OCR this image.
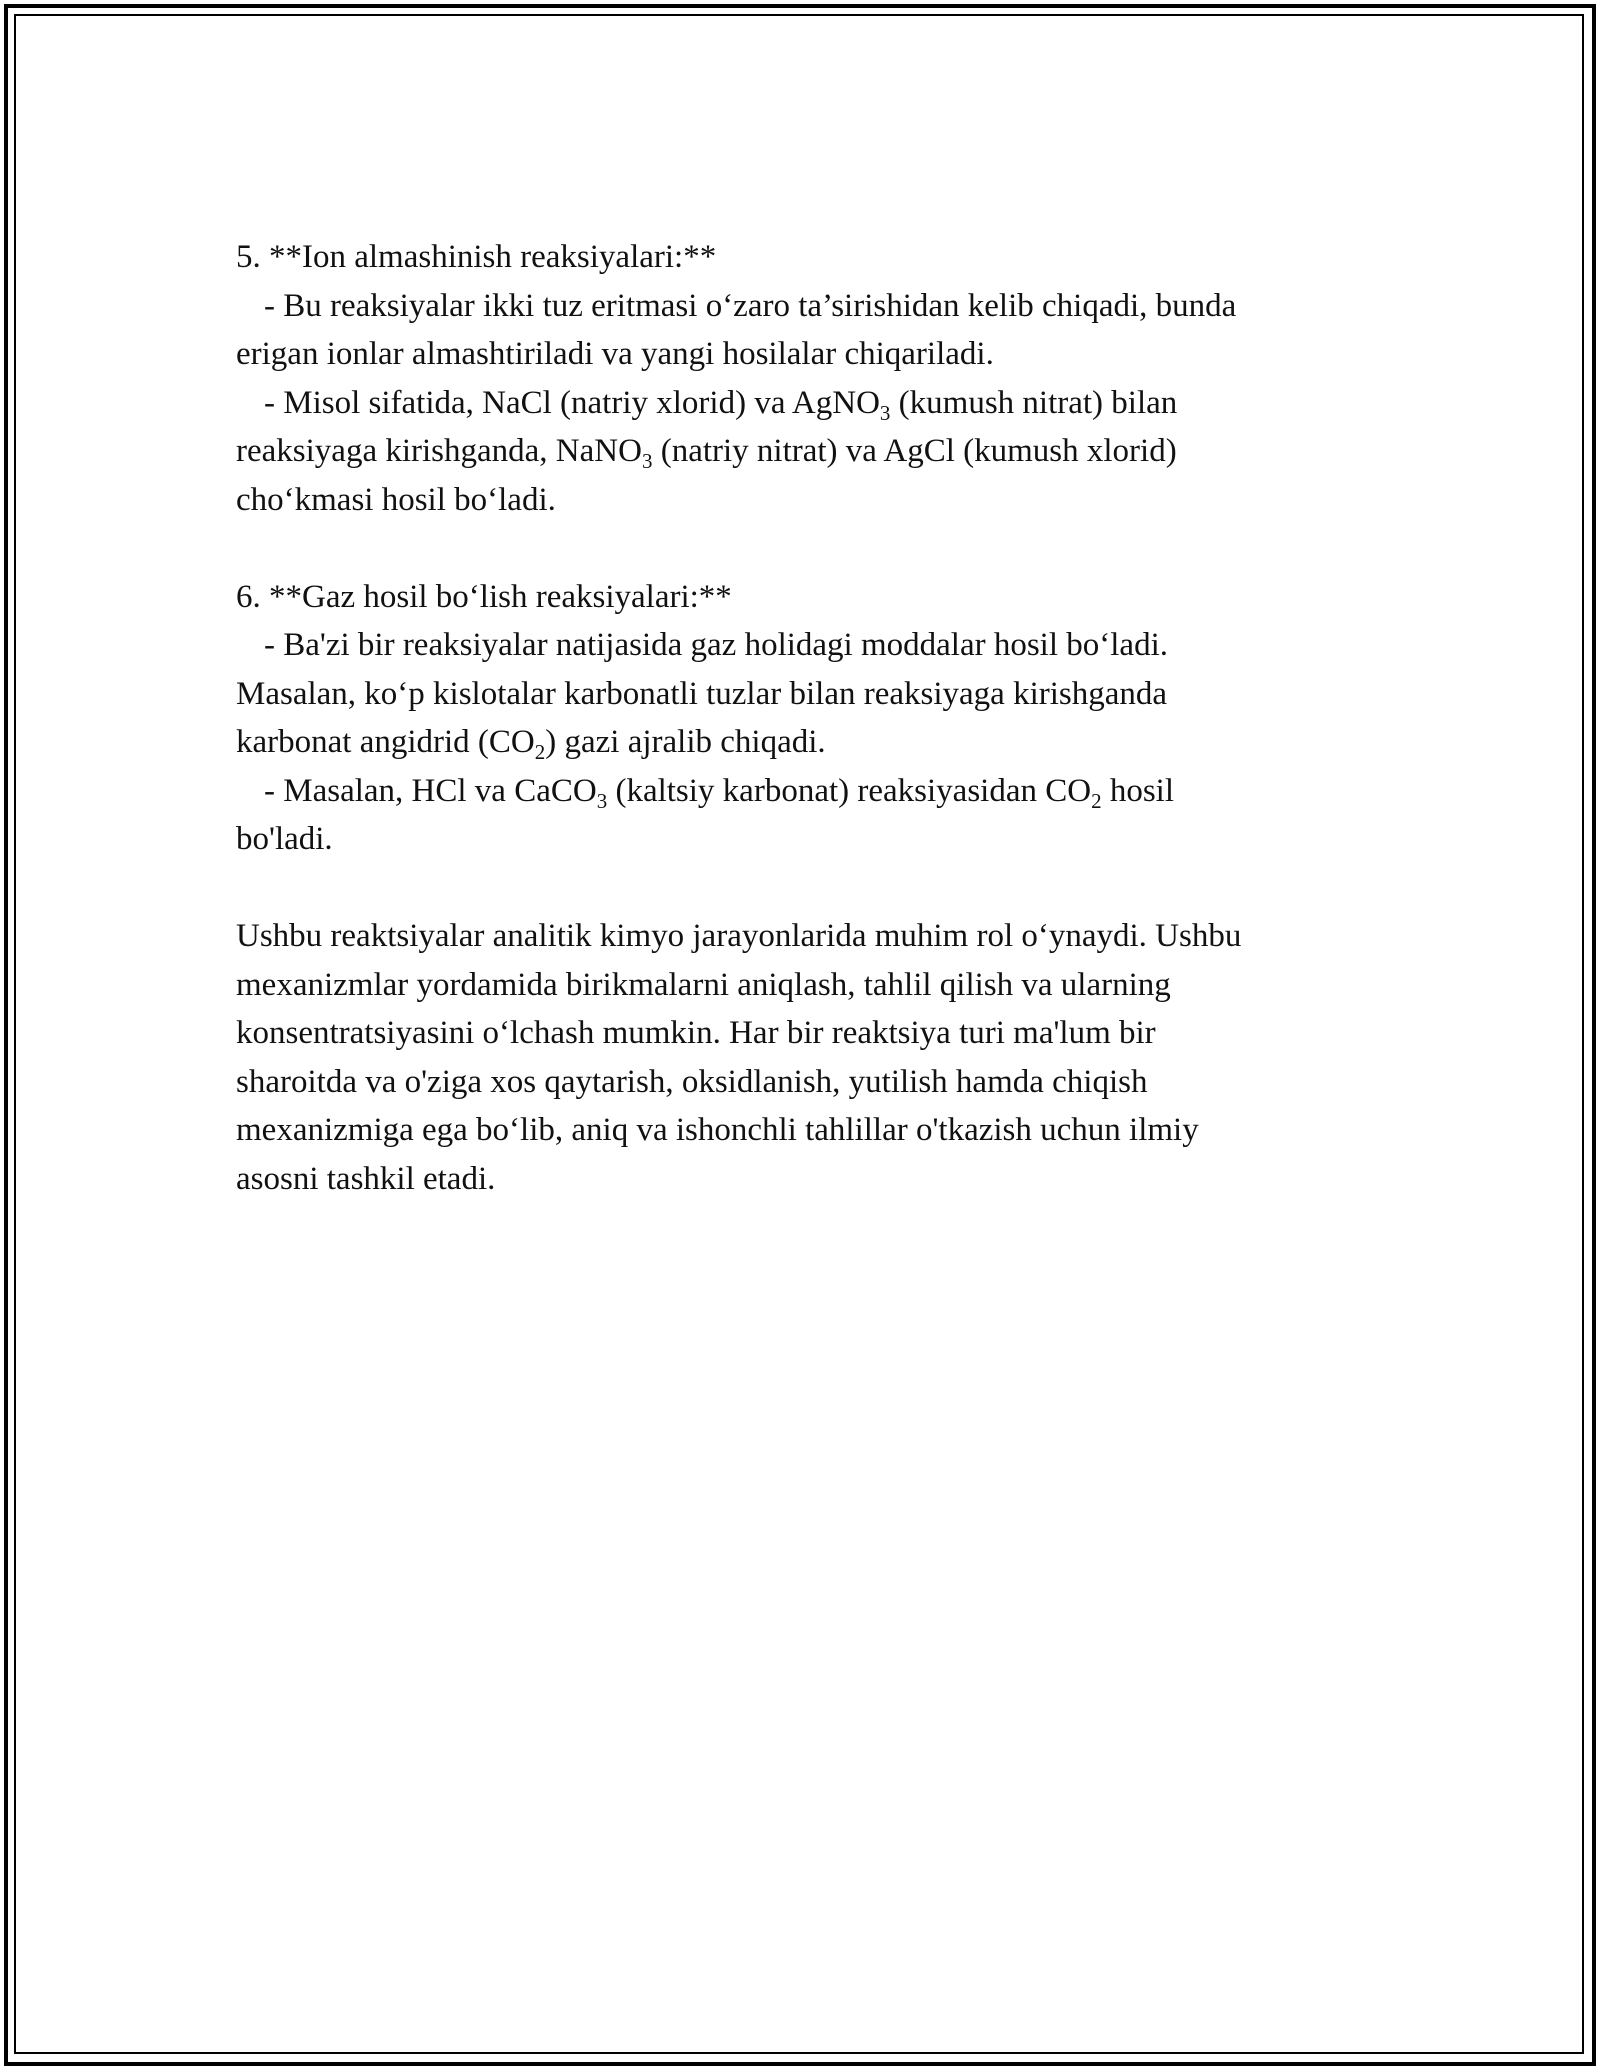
5. **Ion almashinish reaksiyalari:**
- Bu reaksiyalar ikki tuz eritmasi o‘zaro ta’sirishidan kelib chiqadi, bunda
erigan ionlar almashtiriladi va yangi hosilalar chiqariladi.
- Misol sifatida, NaCl (natriy xlorid) va AgNO$_3$ (kumush nitrat) bilan
reaksiyaga kirishganda, NaNO$_3$ (natriy nitrat) va AgCl (kumush xlorid)
cho‘kmasi hosil bo‘ladi.
6. **Gaz hosil bo‘lish reaksiyalari:**
- Ba'zi bir reaksiyalar natijasida gaz holidagi moddalar hosil bo‘ladi.
Masalan, ko‘p kislotalar karbonatli tuzlar bilan reaksiyaga kirishganda
karbonat angidrid $(CO_2)$ gazi ajralib chiqadi.
- Masalan, HCl va CaCO$_3$ (kaltsiy karbonat) reaksiyasidan $CO_2$ hosil
bo'ladi.
Ushbu reaktsiyalar analitik kimyo jarayonlarida muhim rol o‘ynaydi. Ushbu
mexanizmlar yordamida birikmalarni aniqlash, tahlil qilish va ularning
konsentratsiyasini o‘lchash mumkin. Har bir reaktsiya turi ma'lum bir
sharoitda va o'ziga xos qaytarish, oksidlanish, yutilish hamda chiqish
mexanizmiga ega bo‘lib, aniq va ishonchli tahlillar o'tkazish uchun ilmiy
asosni tashkil etadi.
